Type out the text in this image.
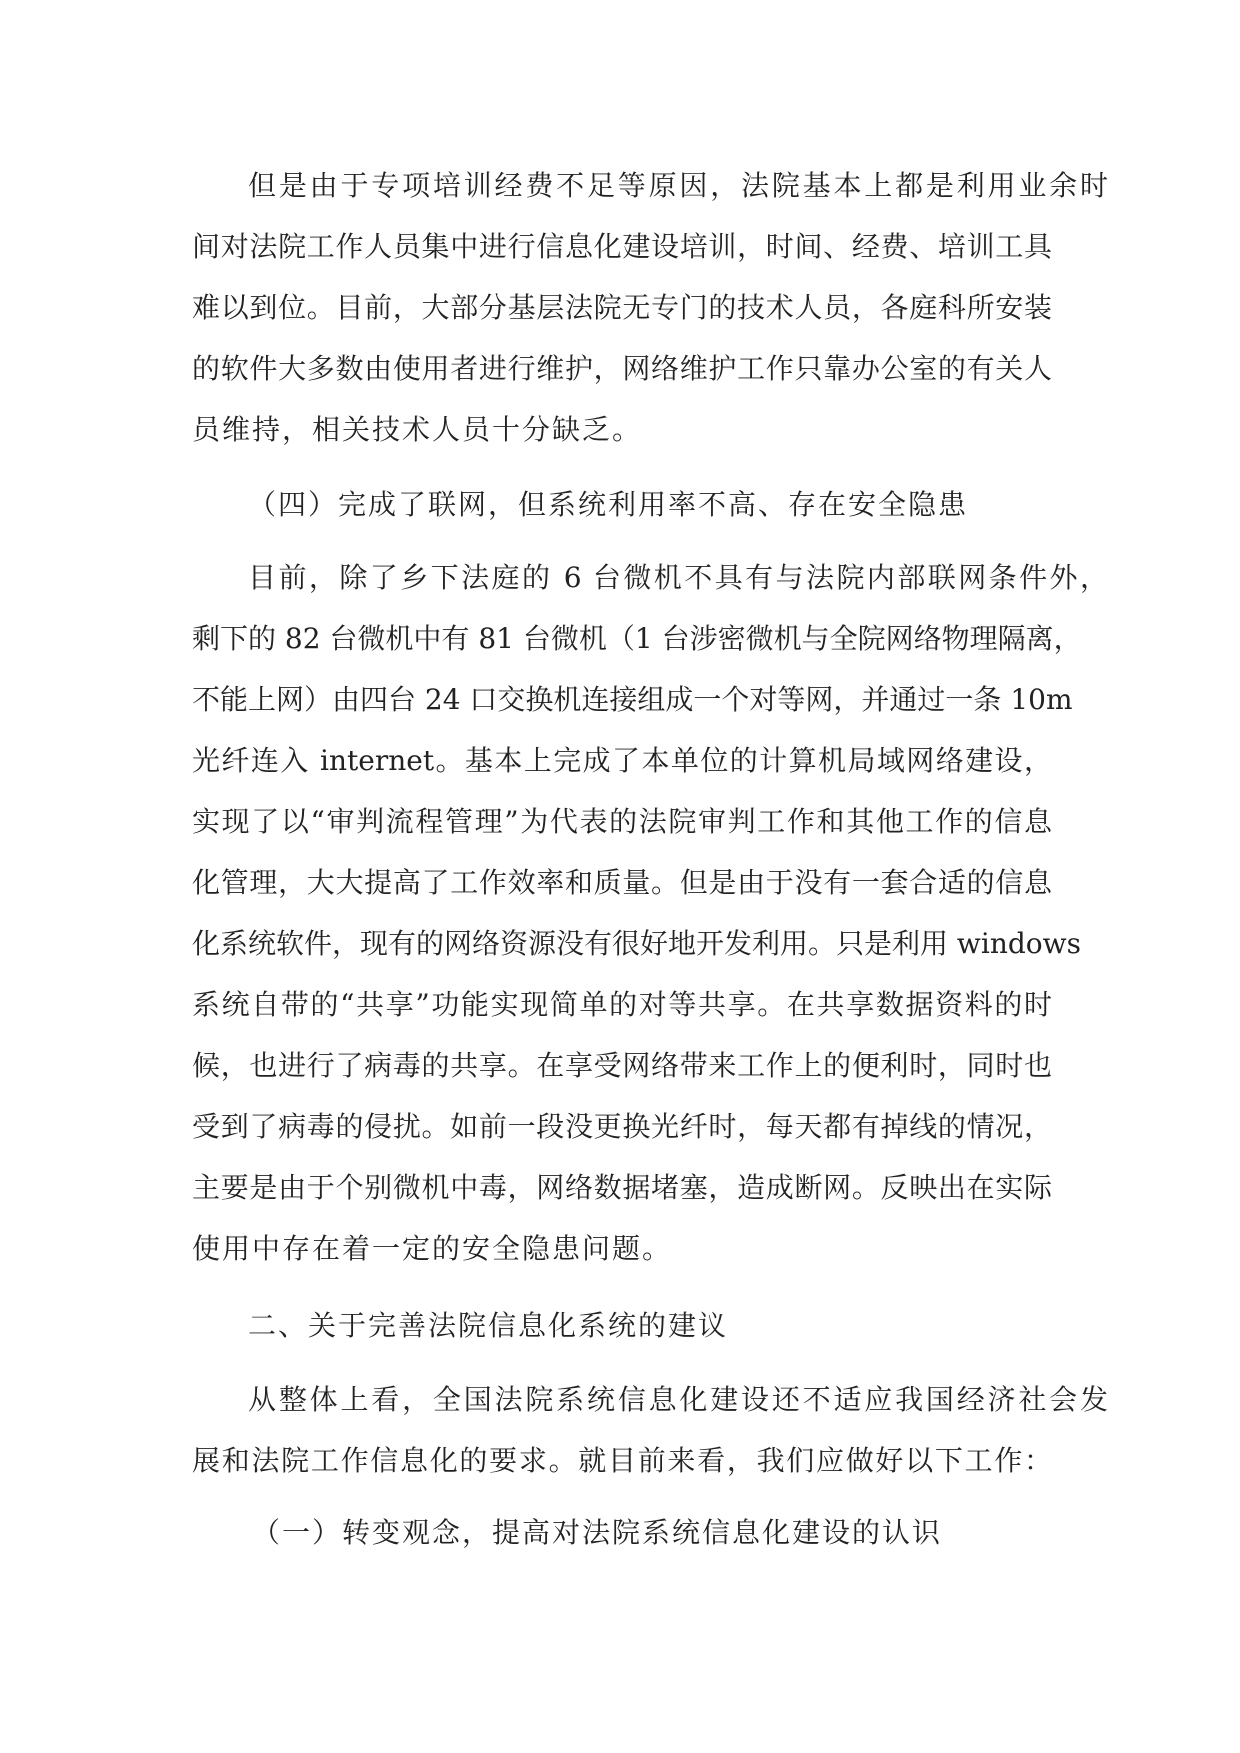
但是由于专项培训经费不足等原因，法院基本上都是利用业余时

间对法院工作人员集中进行信息化建设培训，时间、经费、培训工具

难以到位。目前，大部分基层法院无专门的技术人员，各庭科所安装

的软件大多数由使用者进行维护，网络维护工作只靠办公室的有关人

员维持，相关技术人员十分缺乏。

（四）完成了联网，但系统利用率不高、存在安全隐患

目前，除了乡下法庭的 6 台微机不具有与法院内部联网条件外，

剩下的 82 台微机中有 81 台微机（1 台涉密微机与全院网络物理隔离，

不能上网）由四台 24 口交换机连接组成一个对等网，并通过一条 10m

光纤连入 internet。基本上完成了本单位的计算机局域网络建设，

实现了以“审判流程管理”为代表的法院审判工作和其他工作的信息

化管理，大大提高了工作效率和质量。但是由于没有一套合适的信息

化系统软件，现有的网络资源没有很好地开发利用。只是利用 windows

系统自带的“共享”功能实现简单的对等共享。在共享数据资料的时

候，也进行了病毒的共享。在享受网络带来工作上的便利时，同时也

受到了病毒的侵扰。如前一段没更换光纤时，每天都有掉线的情况，

主要是由于个别微机中毒，网络数据堵塞，造成断网。反映出在实际

使用中存在着一定的安全隐患问题。

二、关于完善法院信息化系统的建议

从整体上看，全国法院系统信息化建设还不适应我国经济社会发

展和法院工作信息化的要求。就目前来看，我们应做好以下工作：

（一）转变观念，提高对法院系统信息化建设的认识
